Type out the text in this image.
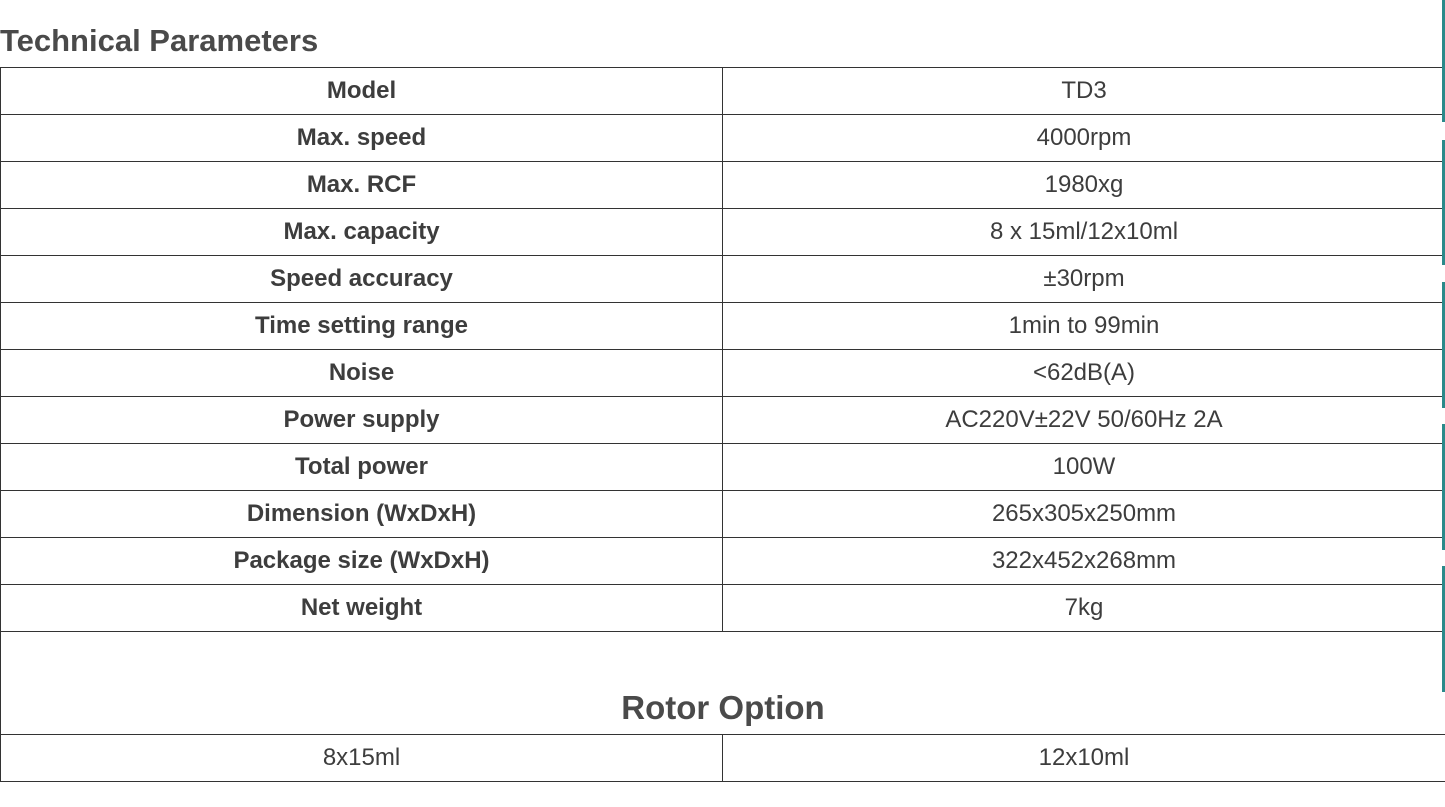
Technical Parameters
Model	TD3
Max. speed	4000rpm
Max. RCF	1980xg
Max. capacity	8 x 15ml/12x10ml
Speed accuracy	±30rpm
Time setting range	1min to 99min
Noise	<62dB(A)
Power supply	AC220V±22V 50/60Hz 2A
Total power	100W
Dimension (WxDxH)	265x305x250mm
Package size (WxDxH)	322x452x268mm
Net weight	7kg
Rotor Option	
8x15ml	12x10ml
